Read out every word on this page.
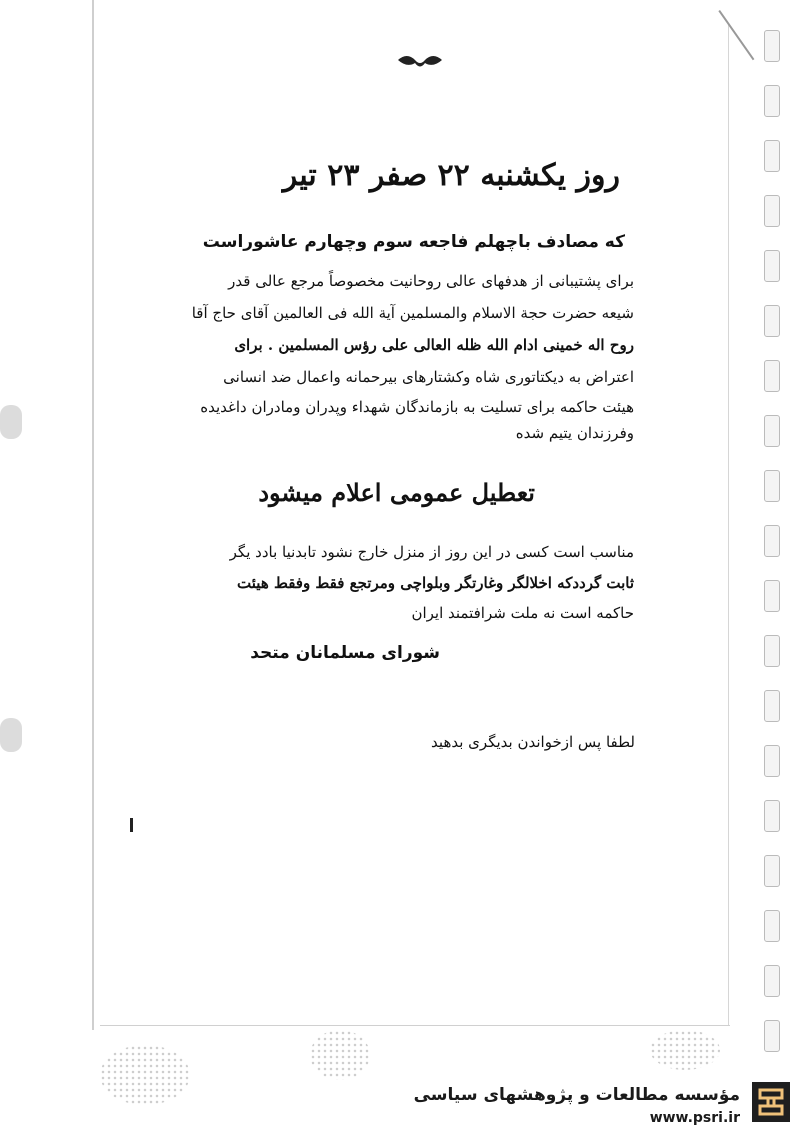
روز یکشنبه ۲۲ صفر ۲۳ تیر
که مصادف باچهلم فاجعه سوم وچهارم عاشوراست
برای پشتیبانی از هدفهای عالی روحانیت مخصوصاً مرجع عالی قدر
شیعه حضرت حجة الاسلام والمسلمین آیة الله فی العالمین آقای حاج آقا
روح اله خمینی ادام الله ظله العالی علی رؤس المسلمین . برای
اعتراض به دیکتاتوری شاه وکشتارهای بیرحمانه واعمال ضد انسانی
هیئت حاکمه برای تسلیت به بازماندگان شهداء وپدران ومادران داغدیده
وفرزندان یتیم شده
تعطیل عمومی اعلام میشود
مناسب است کسی در این روز از منزل خارج نشود تابدنیا بادد یگر
ثابت گرددکه اخلالگر وغارتگر وبلواچی ومرتجع فقط وفقط هیئت
حاکمه است نه ملت شرافتمند ایران
شورای مسلمانان متحد
لطفا پس ازخواندن بدیگری بدهید
مؤسسه مطالعات و پژوهشهای سیاسی
www.psri.ir
